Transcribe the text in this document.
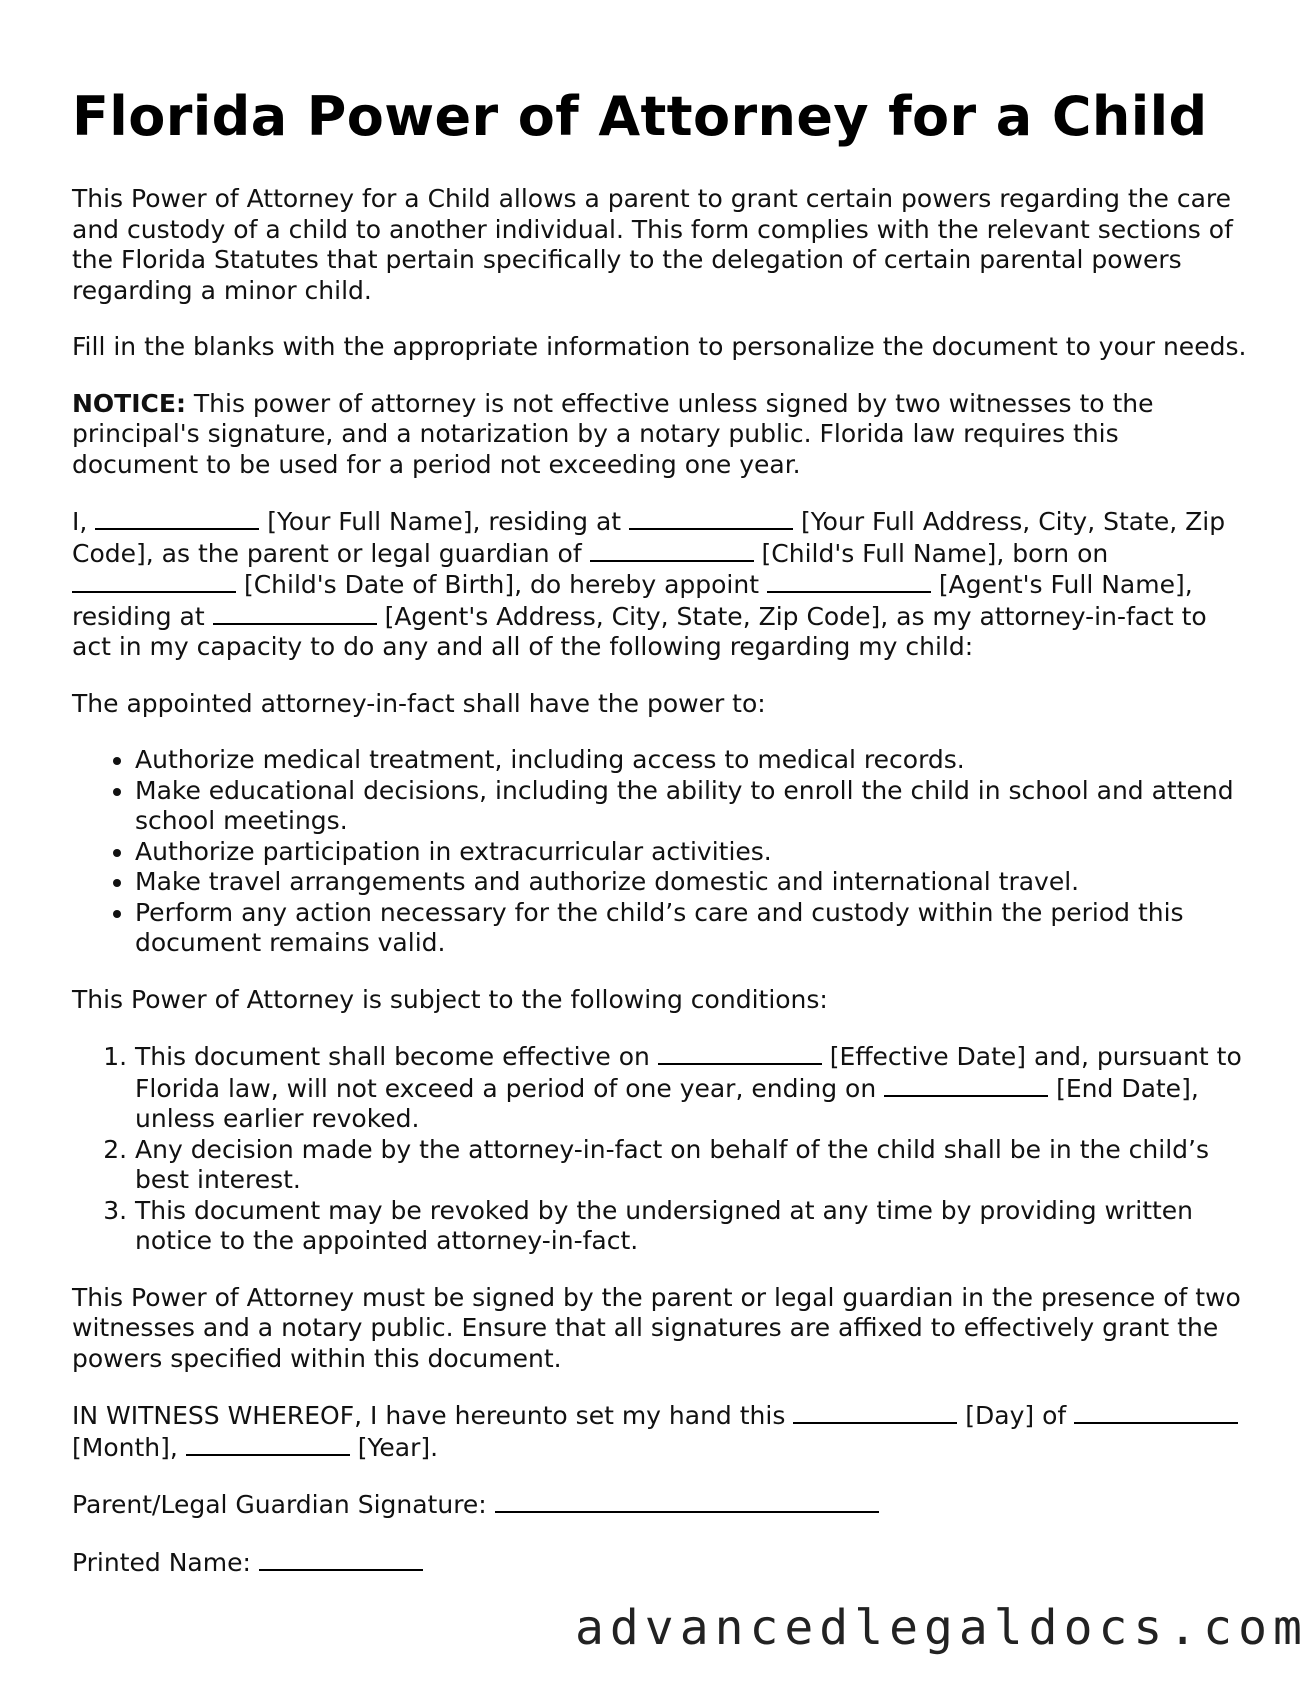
Florida Power of Attorney for a Child

This Power of Attorney for a Child allows a parent to grant certain powers regarding the care and custody of a child to another individual. This form complies with the relevant sections of the Florida Statutes that pertain specifically to the delegation of certain parental powers regarding a minor child.

Fill in the blanks with the appropriate information to personalize the document to your needs.

NOTICE: This power of attorney is not effective unless signed by two witnesses to the principal's signature, and a notarization by a notary public. Florida law requires this document to be used for a period not exceeding one year.

I,	[Your Full Name], residing at	[Your Full Address, City, State, Zip Code], as the parent or legal guardian of	[Child's Full Name], born on  [Child's Date of Birth], do hereby appoint	[Agent's Full Name], residing at	[Agent's Address, City, State, Zip Code], as my attorney-in-fact to act in my capacity to do any and all of the following regarding my child:

The appointed attorney-in-fact shall have the power to:

• Authorize medical treatment, including access to medical records.
• Make educational decisions, including the ability to enroll the child in school and attend school meetings.
• Authorize participation in extracurricular activities.
• Make travel arrangements and authorize domestic and international travel.
• Perform any action necessary for the child’s care and custody within the period this document remains valid.

This Power of Attorney is subject to the following conditions:

1. This document shall become effective on	[Effective Date] and, pursuant to Florida law, will not exceed a period of one year, ending on	[End Date], unless earlier revoked.
2. Any decision made by the attorney-in-fact on behalf of the child shall be in the child’s best interest.
3. This document may be revoked by the undersigned at any time by providing written notice to the appointed attorney-in-fact.

This Power of Attorney must be signed by the parent or legal guardian in the presence of two witnesses and a notary public. Ensure that all signatures are affixed to effectively grant the powers specified within this document.

IN WITNESS WHEREOF, I have hereunto set my hand this	[Day] of  [Month],	[Year].

Parent/Legal Guardian Signature:

Printed Name:

advancedlegaldocs.com
